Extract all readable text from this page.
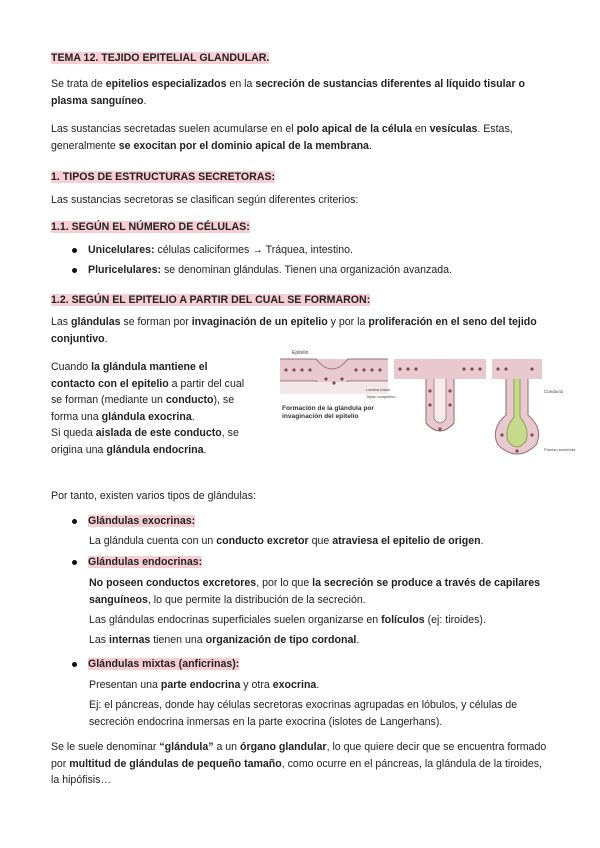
TEMA 12. TEJIDO EPITELIAL GLANDULAR.
Se trata de epitelios especializados en la secreción de sustancias diferentes al líquido tisular o plasma sanguíneo.
Las sustancias secretadas suelen acumularse en el polo apical de la célula en vesículas. Estas, generalmente se exocitan por el dominio apical de la membrana.
1. TIPOS DE ESTRUCTURAS SECRETORAS:
Las sustancias secretoras se clasifican según diferentes criterios:
1.1. SEGÚN EL NÚMERO DE CÉLULAS:
Unicelulares: células caliciformes → Tráquea, intestino.
Pluricelulares: se denominan glándulas. Tienen una organización avanzada.
1.2. SEGÚN EL EPITELIO A PARTIR DEL CUAL SE FORMARON:
Las glándulas se forman por invaginación de un epitelio y por la proliferación en el seno del tejido conjuntivo.
Cuando la glándula mantiene el contacto con el epitelio a partir del cual se forman (mediante un conducto), se forma una glándula exocrina.
Si queda aislada de este conducto, se origina una glándula endocrina.
Epitelio
Lamina basal
Tejido conjuntivo
Conducto
Porción secretora
Formación de la glándula por invaginación del epitelio
Por tanto, existen varios tipos de glándulas:
Glándulas exocrinas:
La glándula cuenta con un conducto excretor que atraviesa el epitelio de origen.
Glándulas endocrinas:
No poseen conductos excretores, por lo que la secreción se produce a través de capilares sanguíneos, lo que permite la distribución de la secreción.
Las glándulas endocrinas superficiales suelen organizarse en folículos (ej: tiroides).
Las internas tienen una organización de tipo cordonal.
Glándulas mixtas (anficrinas):
Presentan una parte endocrina y otra exocrina.
Ej: el páncreas, donde hay células secretoras exocrinas agrupadas en lóbulos, y células de secreción endocrina inmersas en la parte exocrina (islotes de Langerhans).
Se le suele denominar “glándula” a un órgano glandular, lo que quiere decir que se encuentra formado por multitud de glándulas de pequeño tamaño, como ocurre en el páncreas, la glándula de la tiroides, la hipófisis…
